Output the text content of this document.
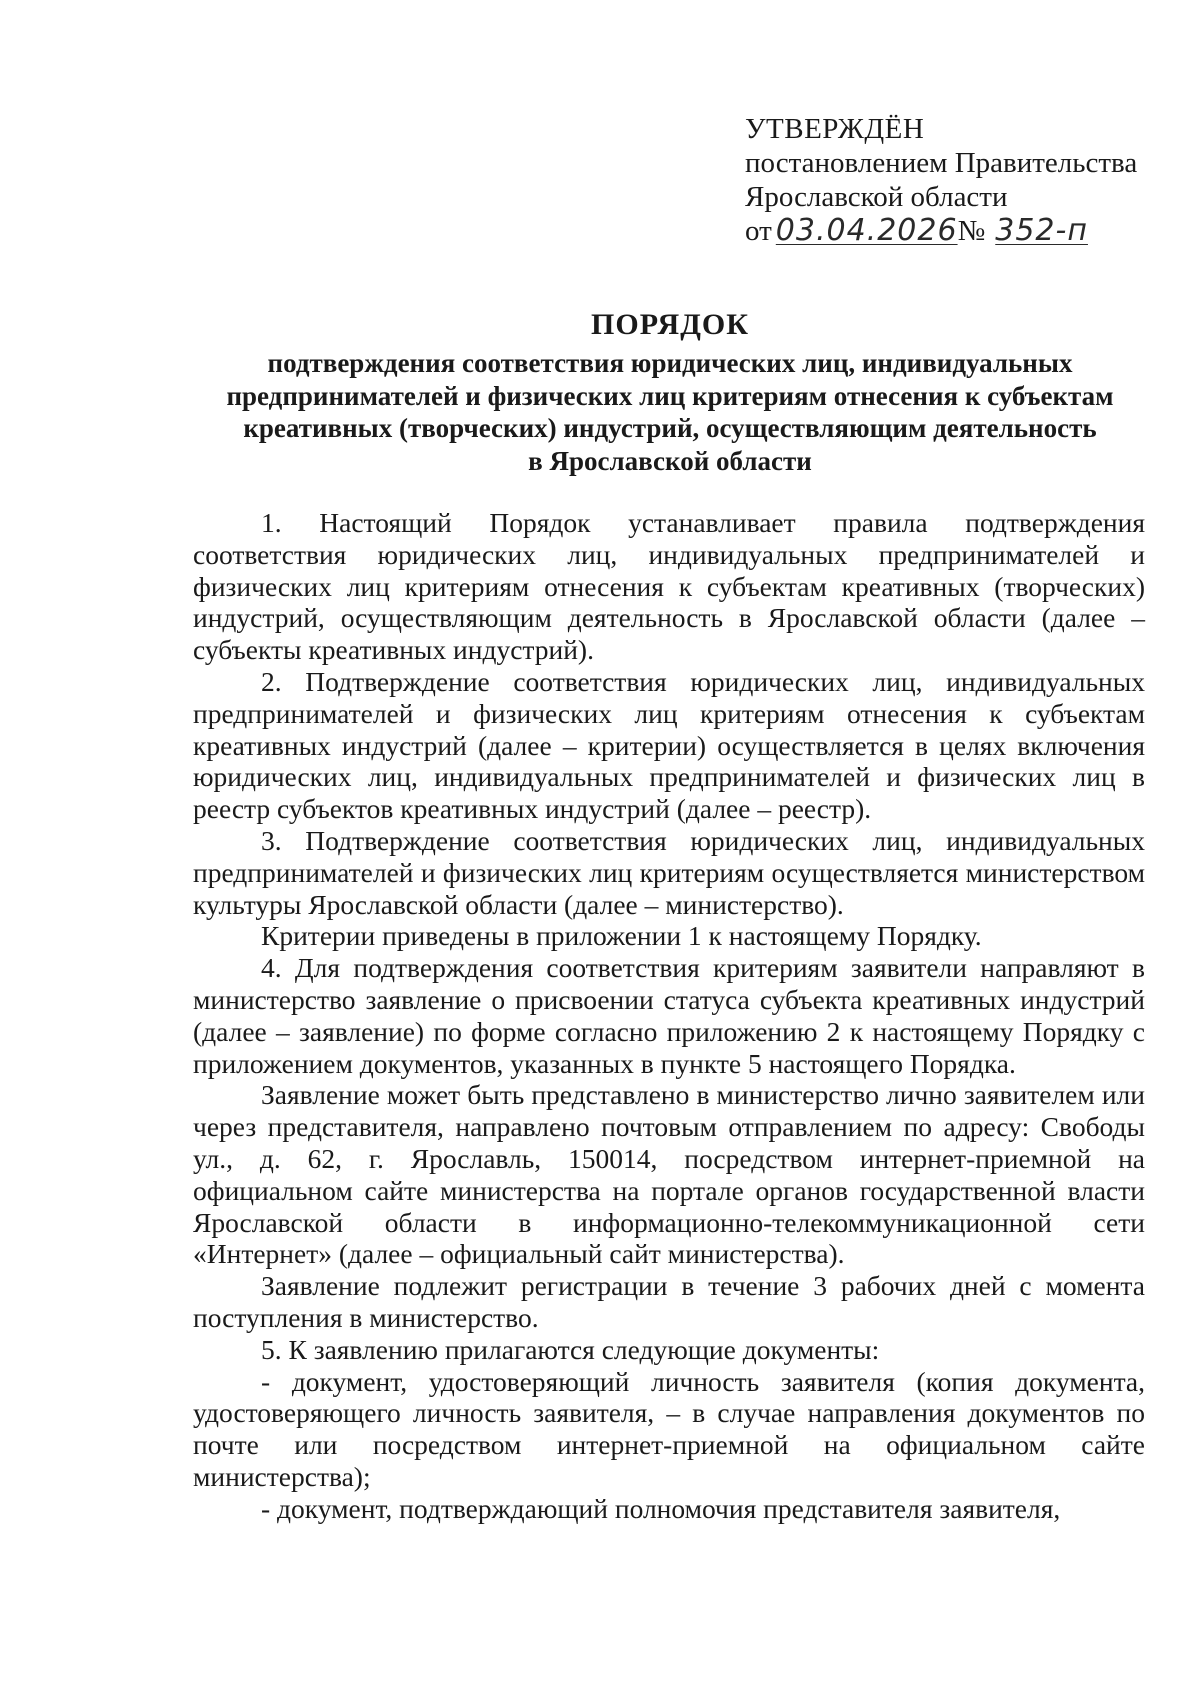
УТВЕРЖДЁН
постановлением Правительства
Ярославской области
от 03.04.2026№ 352-п
ПОРЯДОК
подтверждения соответствия юридических лиц, индивидуальных
предпринимателей и физических лиц критериям отнесения к субъектам
креативных (творческих) индустрий, осуществляющим деятельность
в Ярославской области

1. Настоящий Порядок устанавливает правила подтверждения соответствия юридических лиц, индивидуальных предпринимателей и физических лиц критериям отнесения к субъектам креативных (творческих) индустрий, осуществляющим деятельность в Ярославской области (далее – субъекты креативных индустрий).

2. Подтверждение соответствия юридических лиц, индивидуальных предпринимателей и физических лиц критериям отнесения к субъектам креативных индустрий (далее – критерии) осуществляется в целях включения юридических лиц, индивидуальных предпринимателей и физических лиц в реестр субъектов креативных индустрий (далее – реестр).

3. Подтверждение соответствия юридических лиц, индивидуальных предпринимателей и физических лиц критериям осуществляется министерством культуры Ярославской области (далее – министерство).

Критерии приведены в приложении 1 к настоящему Порядку.

4. Для подтверждения соответствия критериям заявители направляют в министерство заявление о присвоении статуса субъекта креативных индустрий (далее – заявление) по форме согласно приложению 2 к настоящему Порядку с приложением документов, указанных в пункте 5 настоящего Порядка.

Заявление может быть представлено в министерство лично заявителем или через представителя, направлено почтовым отправлением по адресу: Свободы ул., д. 62, г. Ярославль, 150014, посредством интернет-приемной на официальном сайте министерства на портале органов государственной власти Ярославской области в информационно-телекоммуникационной сети «Интернет» (далее – официальный сайт министерства).

Заявление подлежит регистрации в течение 3 рабочих дней с момента поступления в министерство.

5. К заявлению прилагаются следующие документы:

- документ, удостоверяющий личность заявителя (копия документа, удостоверяющего личность заявителя, – в случае направления документов по почте или посредством интернет-приемной на официальном сайте министерства);

- документ, подтверждающий полномочия представителя заявителя,
